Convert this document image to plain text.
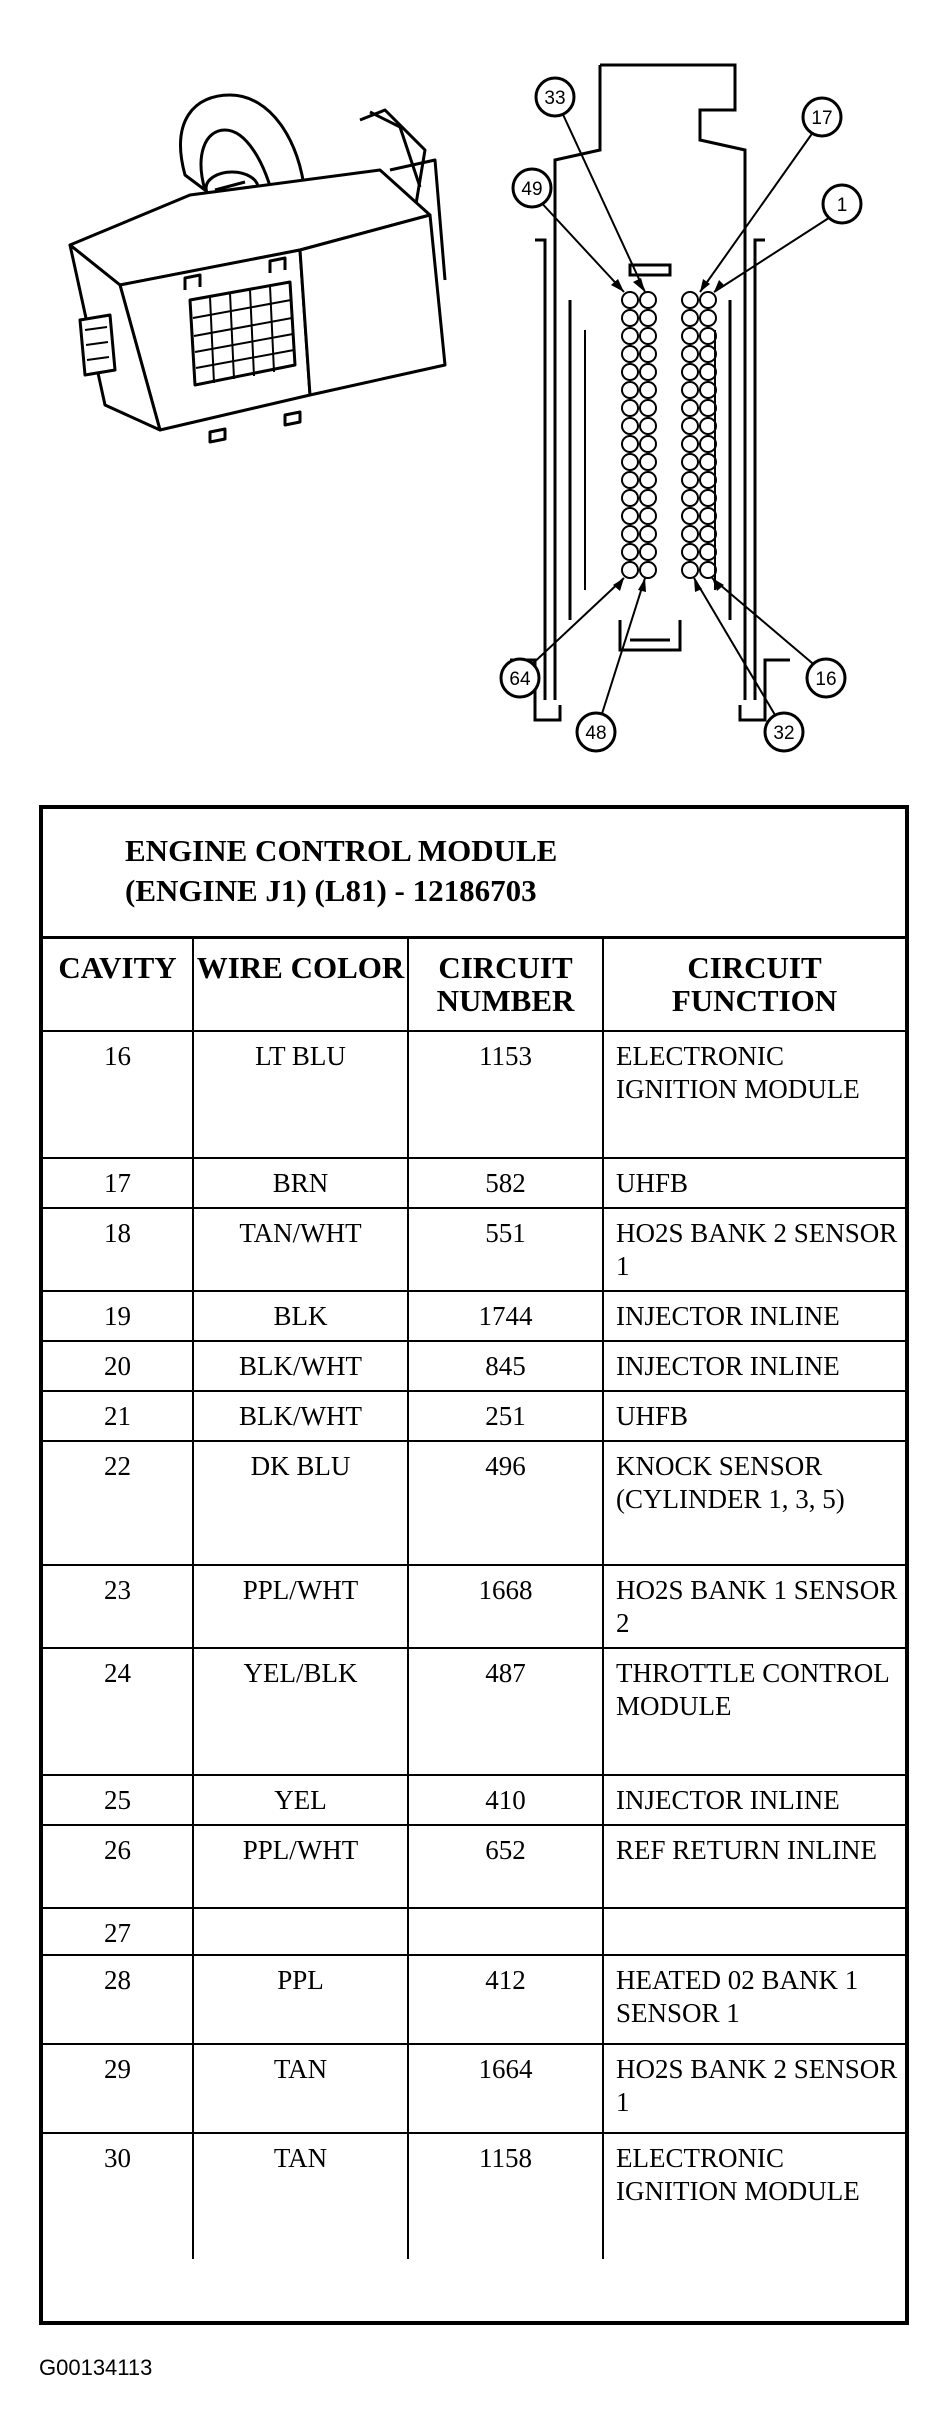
33
49
17
1
64
48	32
16
ENGINE CONTROL MODULE
(ENGINE J1) (L81) - 12186703
CAVITY	WIRE COLOR	CIRCUIT NUMBER	CIRCUIT FUNCTION
16	LT BLU	1153	ELECTRONIC IGNITION MODULE
17	BRN	582	UHFB
18	TAN/WHT	551	HO2S BANK 2 SENSOR 1
19	BLK	1744	INJECTOR INLINE
20	BLK/WHT	845	INJECTOR INLINE
21	BLK/WHT	251	UHFB
22	DK BLU	496	KNOCK SENSOR (CYLINDER 1, 3, 5)
23	PPL/WHT	1668	HO2S BANK 1 SENSOR 2
24	YEL/BLK	487	THROTTLE CONTROL MODULE
25	YEL	410	INJECTOR INLINE
26	PPL/WHT	652	REF RETURN INLINE
27			
28	PPL	412	HEATED 02 BANK 1 SENSOR 1
29	TAN	1664	HO2S BANK 2 SENSOR 1
30	TAN	1158	ELECTRONIC IGNITION MODULE
G00134113
